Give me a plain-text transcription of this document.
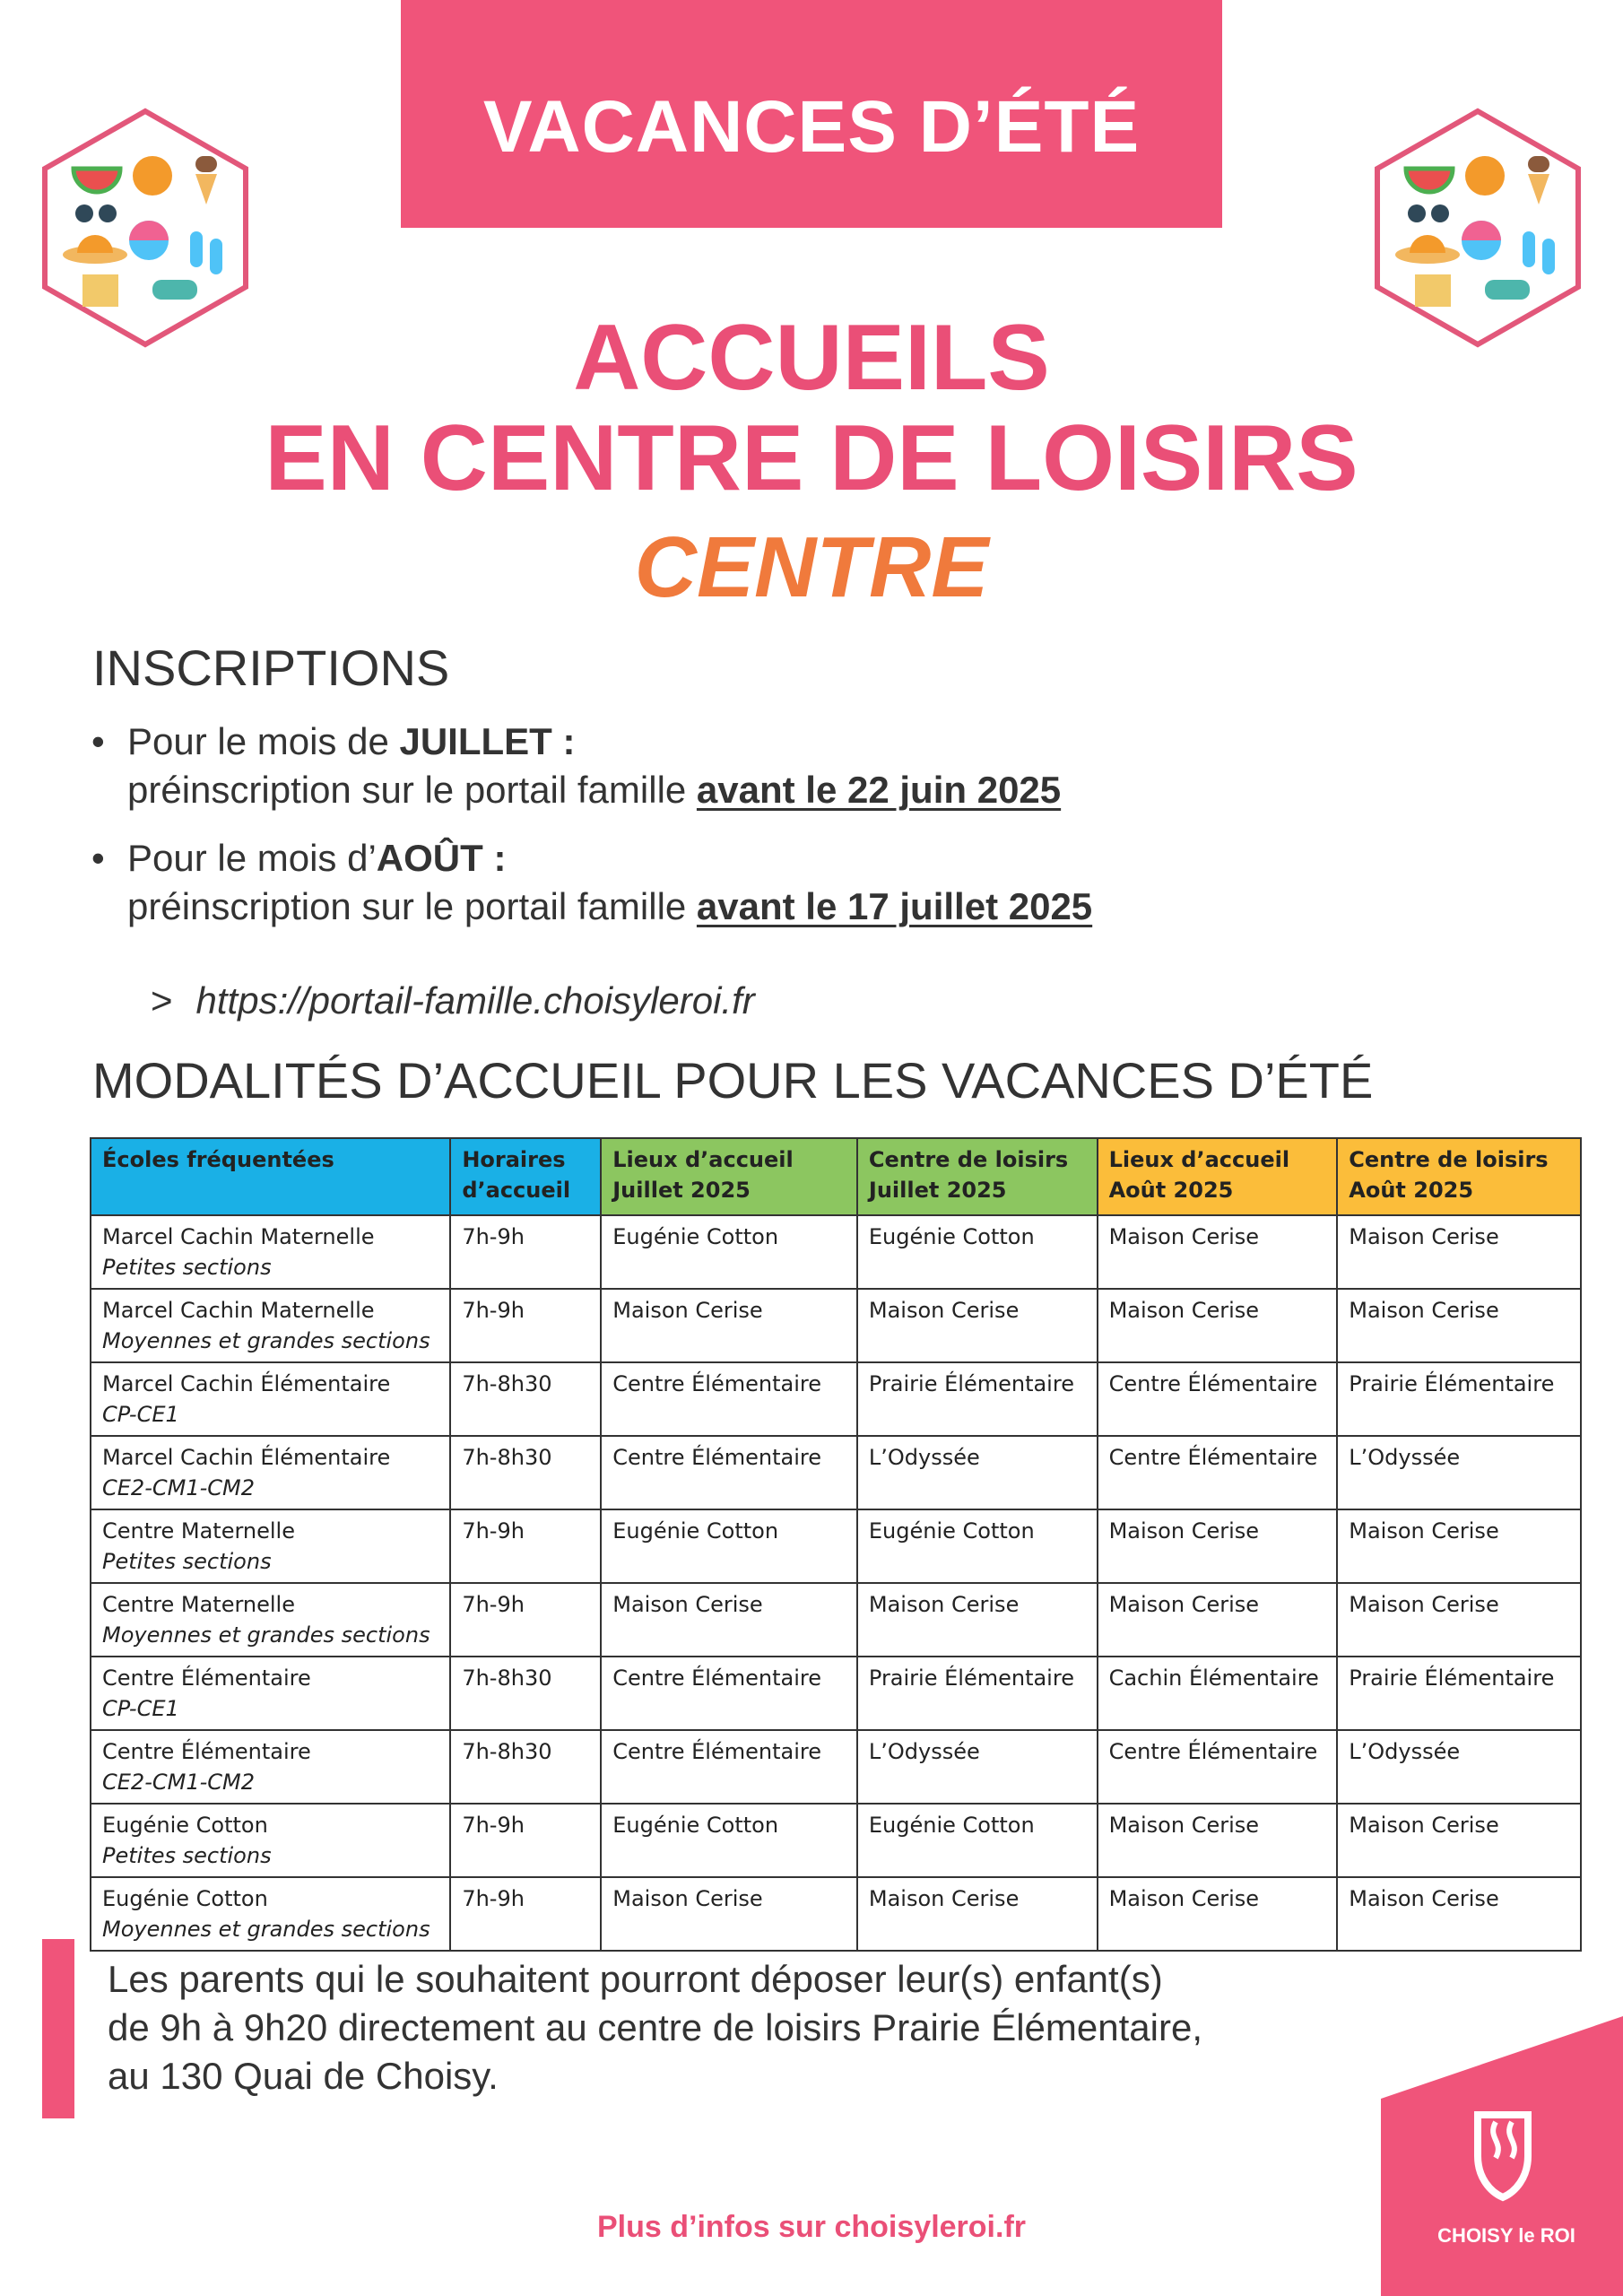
VACANCES D’ÉTÉ
ACCUEILS
EN CENTRE DE LOISIRS
CENTRE
INSCRIPTIONS
• Pour le mois de JUILLET :
préinscription sur le portail famille avant le 22 juin 2025
• Pour le mois d’AOÛT :
préinscription sur le portail famille avant le 17 juillet 2025
> https://portail-famille.choisyleroi.fr
MODALITÉS D’ACCUEIL POUR LES VACANCES D’ÉTÉ
Écoles fréquentées	Horaires d’accueil	Lieux d’accueil Juillet 2025	Centre de loisirs Juillet 2025	Lieux d’accueil Août 2025	Centre de loisirs Août 2025
Marcel Cachin Maternelle
Petites sections	7h-9h	Eugénie Cotton	Eugénie Cotton	Maison Cerise	Maison Cerise
Marcel Cachin Maternelle
Moyennes et grandes sections	7h-9h	Maison Cerise	Maison Cerise	Maison Cerise	Maison Cerise
Marcel Cachin Élémentaire
CP-CE1	7h-8h30	Centre Élémentaire	Prairie Élémentaire	Centre Élémentaire	Prairie Élémentaire
Marcel Cachin Élémentaire
CE2-CM1-CM2	7h-8h30	Centre Élémentaire	L’Odyssée	Centre Élémentaire	L’Odyssée
Centre Maternelle
Petites sections	7h-9h	Eugénie Cotton	Eugénie Cotton	Maison Cerise	Maison Cerise
Centre Maternelle
Moyennes et grandes sections	7h-9h	Maison Cerise	Maison Cerise	Maison Cerise	Maison Cerise
Centre Élémentaire
CP-CE1	7h-8h30	Centre Élémentaire	Prairie Élémentaire	Cachin Élémentaire	Prairie Élémentaire
Centre Élémentaire
CE2-CM1-CM2	7h-8h30	Centre Élémentaire	L’Odyssée	Centre Élémentaire	L’Odyssée
Eugénie Cotton
Petites sections	7h-9h	Eugénie Cotton	Eugénie Cotton	Maison Cerise	Maison Cerise
Eugénie Cotton
Moyennes et grandes sections	7h-9h	Maison Cerise	Maison Cerise	Maison Cerise	Maison Cerise
Les parents qui le souhaitent pourront déposer leur(s) enfant(s)
de 9h à 9h20 directement au centre de loisirs Prairie Élémentaire,
au 130 Quai de Choisy.
Plus d’infos sur choisyleroi.fr	CHOISY le ROI
